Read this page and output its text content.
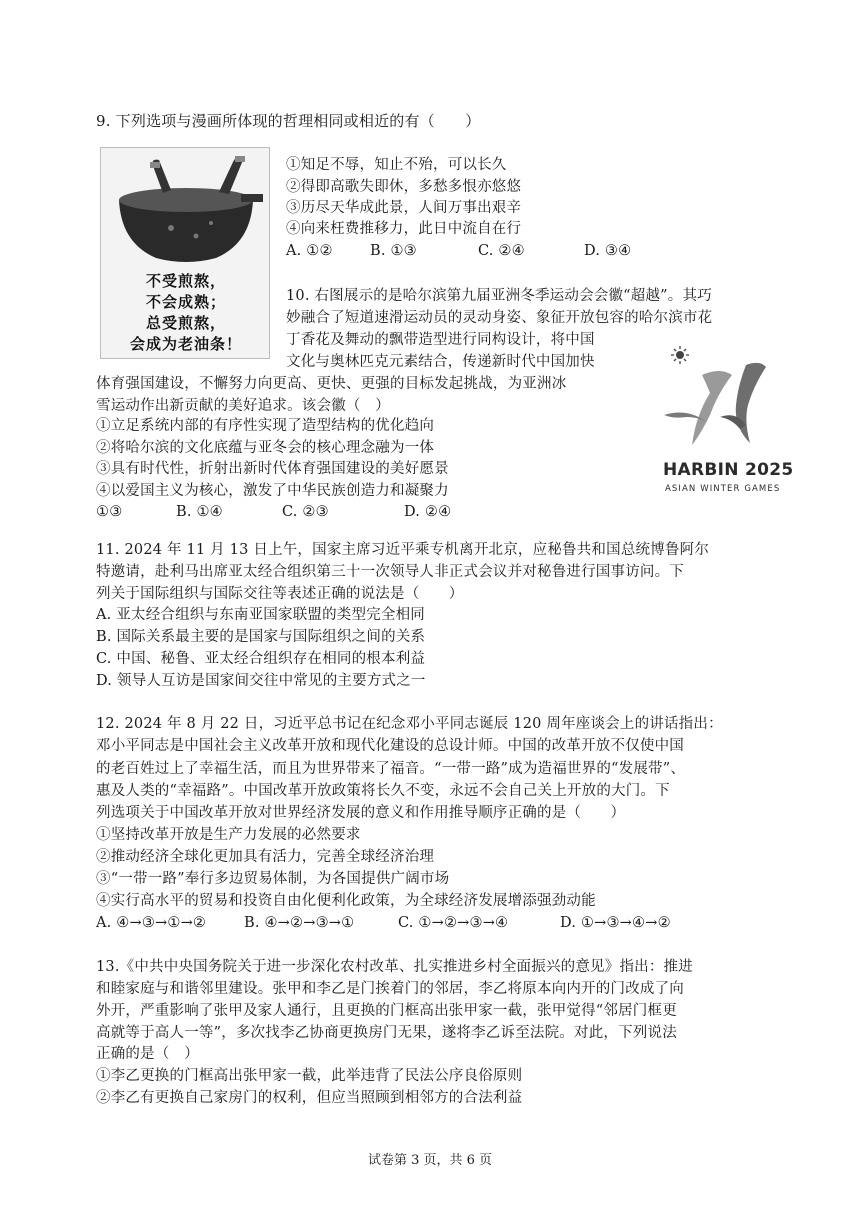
9. 下列选项与漫画所体现的哲理相同或相近的有（　　）
不受煎熬，
不会成熟；
总受煎熬，
会成为老油条！
①知足不辱，知止不殆，可以长久
②得即高歌失即休，多愁多恨亦悠悠
③历尽天华成此景，人间万事出艰辛
④向来枉费推移力，此日中流自在行
A. ①②	B. ①③	C. ②④	D. ③④
10. 右图展示的是哈尔滨第九届亚洲冬季运动会会徽“超越”。其巧
妙融合了短道速滑运动员的灵动身姿、象征开放包容的哈尔滨市花
丁香花及舞动的飘带造型进行同构设计，将中国
文化与奥林匹克元素结合，传递新时代中国加快
体育强国建设，不懈努力向更高、更快、更强的目标发起挑战，为亚洲冰
雪运动作出新贡献的美好追求。该会徽（　）
①立足系统内部的有序性实现了造型结构的优化趋向
②将哈尔滨的文化底蕴与亚冬会的核心理念融为一体
③具有时代性，折射出新时代体育强国建设的美好愿景
④以爱国主义为核心，激发了中华民族创造力和凝聚力
①③	B. ①④	C. ②③	D. ②④
HARBIN 2025
ASIAN WINTER GAMES
11. 2024 年 11 月 13 日上午，国家主席习近平乘专机离开北京，应秘鲁共和国总统博鲁阿尔
特邀请，赴利马出席亚太经合组织第三十一次领导人非正式会议并对秘鲁进行国事访问。下
列关于国际组织与国际交往等表述正确的说法是（　　）
A. 亚太经合组织与东南亚国家联盟的类型完全相同
B. 国际关系最主要的是国家与国际组织之间的关系
C. 中国、秘鲁、亚太经合组织存在相同的根本利益
D. 领导人互访是国家间交往中常见的主要方式之一
12. 2024 年 8 月 22 日，习近平总书记在纪念邓小平同志诞辰 120 周年座谈会上的讲话指出：
邓小平同志是中国社会主义改革开放和现代化建设的总设计师。中国的改革开放不仅使中国
的老百姓过上了幸福生活，而且为世界带来了福音。“一带一路”成为造福世界的“发展带”、
惠及人类的“幸福路”。中国改革开放政策将长久不变，永远不会自己关上开放的大门。下
列选项关于中国改革开放对世界经济发展的意义和作用推导顺序正确的是（　　）
①坚持改革开放是生产力发展的必然要求
②推动经济全球化更加具有活力，完善全球经济治理
③“一带一路”奉行多边贸易体制，为各国提供广阔市场
④实行高水平的贸易和投资自由化便利化政策，为全球经济发展增添强劲动能
A. ④→③→①→②	B. ④→②→③→①	C. ①→②→③→④	D. ①→③→④→②
13.《中共中央国务院关于进一步深化农村改革、扎实推进乡村全面振兴的意见》指出：推进
和睦家庭与和谐邻里建设。张甲和李乙是门挨着门的邻居，李乙将原本向内开的门改成了向
外开，严重影响了张甲及家人通行，且更换的门框高出张甲家一截，张甲觉得“邻居门框更
高就等于高人一等”，多次找李乙协商更换房门无果，遂将李乙诉至法院。对此，下列说法
正确的是（　）
①李乙更换的门框高出张甲家一截，此举违背了民法公序良俗原则
②李乙有更换自己家房门的权利，但应当照顾到相邻方的合法利益
试卷第 3 页，共 6 页
